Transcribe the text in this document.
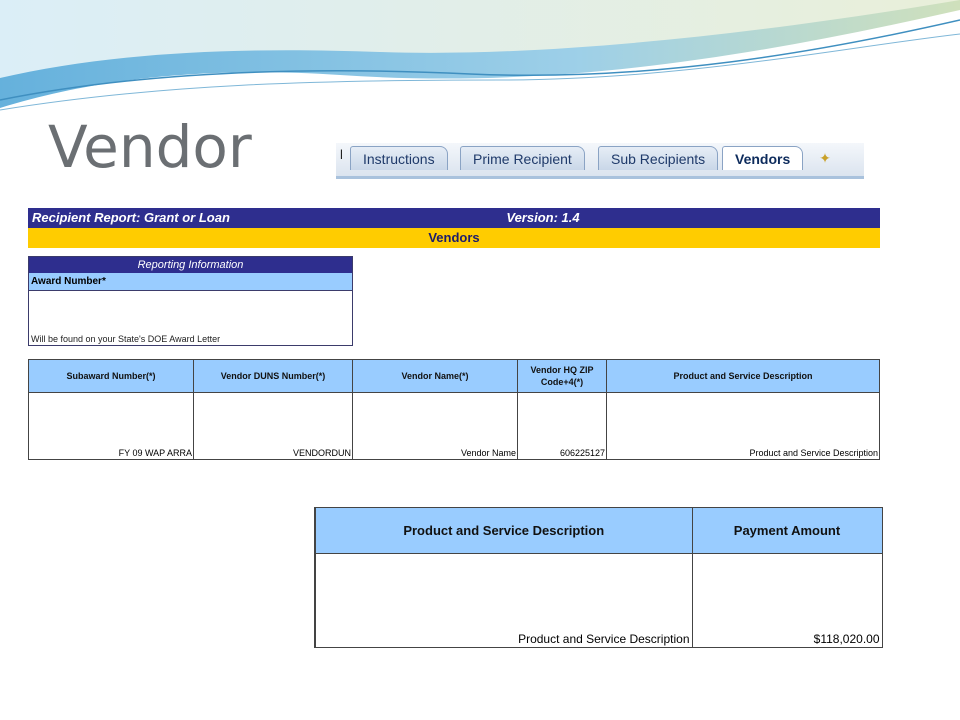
Vendor	l	Instructions	Prime Recipient	Sub Recipients	Vendors	✦
Recipient Report: Grant or Loan	Version: 1.4
Vendors
Reporting Information
Award Number*
Will be found on your State's DOE Award Letter
Subaward Number(*)	Vendor DUNS Number(*)	Vendor Name(*)	Vendor HQ ZIP Code+4(*)	Product and Service Description
FY 09 WAP ARRA	VENDORDUN	Vendor Name	606225127	Product and Service Description
Product and Service Description	Payment Amount
Product and Service Description	$118,020.00
